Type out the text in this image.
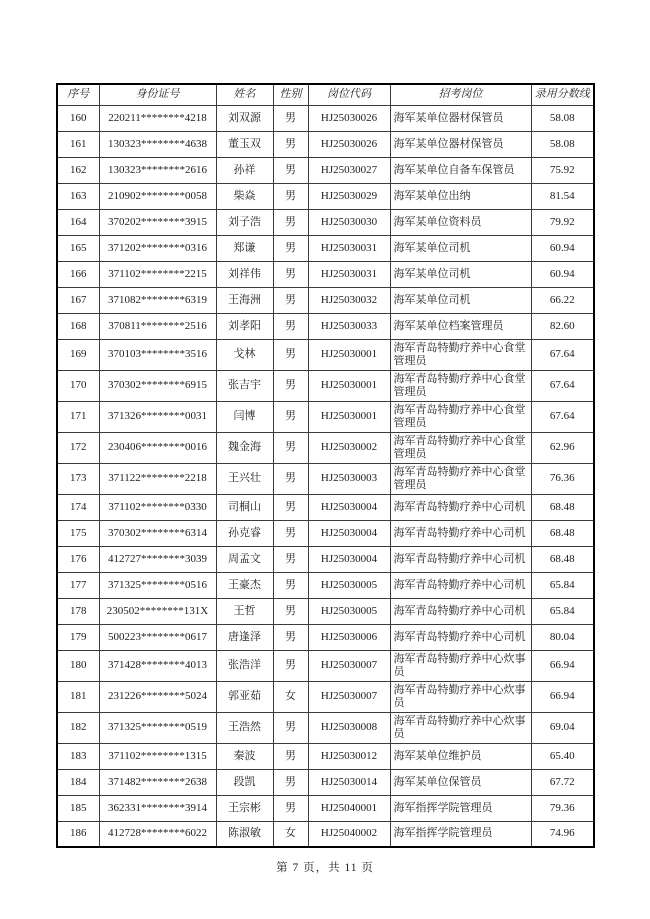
序号	身份证号	姓名	性别	岗位代码	招考岗位	录用分数线
160	220211********4218	刘双源	男	HJ25030026	海军某单位器材保管员	58.08
161	130323********4638	董玉双	男	HJ25030026	海军某单位器材保管员	58.08
162	130323********2616	孙祥	男	HJ25030027	海军某单位自备车保管员	75.92
163	210902********0058	柴焱	男	HJ25030029	海军某单位出纳	81.54
164	370202********3915	刘子浩	男	HJ25030030	海军某单位资料员	79.92
165	371202********0316	郑谦	男	HJ25030031	海军某单位司机	60.94
166	371102********2215	刘祥伟	男	HJ25030031	海军某单位司机	60.94
167	371082********6319	王海洲	男	HJ25030032	海军某单位司机	66.22
168	370811********2516	刘孝阳	男	HJ25030033	海军某单位档案管理员	82.60
169	370103********3516	戈林	男	HJ25030001	海军青岛特勤疗养中心食堂管理员	67.64
170	370302********6915	张吉宇	男	HJ25030001	海军青岛特勤疗养中心食堂管理员	67.64
171	371326********0031	闫博	男	HJ25030001	海军青岛特勤疗养中心食堂管理员	67.64
172	230406********0016	魏金海	男	HJ25030002	海军青岛特勤疗养中心食堂管理员	62.96
173	371122********2218	王兴壮	男	HJ25030003	海军青岛特勤疗养中心食堂管理员	76.36
174	371102********0330	司桐山	男	HJ25030004	海军青岛特勤疗养中心司机	68.48
175	370302********6314	孙克睿	男	HJ25030004	海军青岛特勤疗养中心司机	68.48
176	412727********3039	周孟文	男	HJ25030004	海军青岛特勤疗养中心司机	68.48
177	371325********0516	王豪杰	男	HJ25030005	海军青岛特勤疗养中心司机	65.84
178	230502********131X	王哲	男	HJ25030005	海军青岛特勤疗养中心司机	65.84
179	500223********0617	唐逢泽	男	HJ25030006	海军青岛特勤疗养中心司机	80.04
180	371428********4013	张浩洋	男	HJ25030007	海军青岛特勤疗养中心炊事员	66.94
181	231226********5024	郭亚茹	女	HJ25030007	海军青岛特勤疗养中心炊事员	66.94
182	371325********0519	王浩然	男	HJ25030008	海军青岛特勤疗养中心炊事员	69.04
183	371102********1315	秦波	男	HJ25030012	海军某单位维护员	65.40
184	371482********2638	段凯	男	HJ25030014	海军某单位保管员	67.72
185	362331********3914	王宗彬	男	HJ25040001	海军指挥学院管理员	79.36
186	412728********6022	陈淑敏	女	HJ25040002	海军指挥学院管理员	74.96
第 7 页，共 11 页
